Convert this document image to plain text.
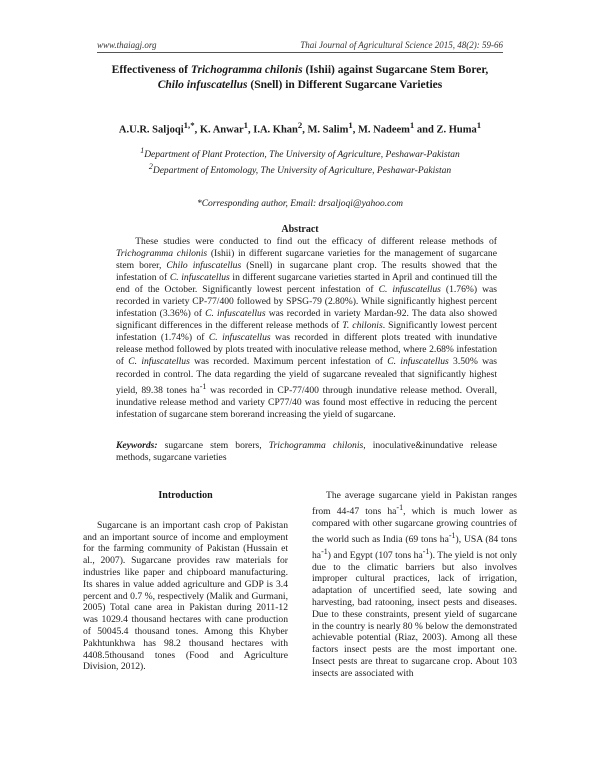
www.thaiagj.org	Thai Journal of Agricultural Science 2015, 48(2): 59-66
Effectiveness of Trichogramma chilonis (Ishii) against Sugarcane Stem Borer,
Chilo infuscatellus (Snell) in Different Sugarcane Varieties
A.U.R. Saljoqi$^{1,*}$, K. Anwar$^1$, I.A. Khan$^2$, M. Salim$^1$, M. Nadeem$^1$ and Z. Huma$^1$
$^1$Department of Plant Protection, The University of Agriculture, Peshawar-Pakistan
$^2$Department of Entomology, The University of Agriculture, Peshawar-Pakistan
*Corresponding author, Email: drsaljoqi@yahoo.com
Abstract
  These studies were conducted to find out the efficacy of different release methods of Trichogramma chilonis (Ishii) in different sugarcane varieties for the management of sugarcane stem borer, Chilo infuscatellus (Snell) in sugarcane plant crop. The results showed that the infestation of C. infuscatellus in different sugarcane varieties started in April and continued till the end of the October. Significantly lowest percent infestation of C. infuscatellus (1.76%) was recorded in variety CP-77/400 followed by SPSG-79 (2.80%). While significantly highest percent infestation (3.36%) of C. infuscatellus was recorded in variety Mardan-92. The data also showed significant differences in the different release methods of T. chilonis. Significantly lowest percent infestation (1.74%) of C. infuscatellus was recorded in different plots treated with inundative release method followed by plots treated with inoculative release method, where 2.68% infestation of C. infuscatellus was recorded. Maximum percent infestation of C. infuscatellus 3.50% was recorded in control. The data regarding the yield of sugarcane revealed that significantly highest yield, 89.38 tones $ha^{-1}$ was recorded in CP-77/400 through inundative release method. Overall, inundative release method and variety CP77/40 was found most effective in reducing the percent infestation of sugarcane stem borerand increasing the yield of sugarcane.
Keywords: sugarcane stem borers, Trichogramma chilonis, inoculative&inundative release methods, sugarcane varieties
Introduction
Sugarcane is an important cash crop of Pakistan and an important source of income and employment for the farming community of Pakistan (Hussain et al., 2007). Sugarcane provides raw materials for industries like paper and chipboard manufacturing. Its shares in value added agriculture and GDP is 3.4 percent and 0.7 %, respectively (Malik and Gurmani, 2005) Total cane area in Pakistan during 2011-12 was 1029.4 thousand hectares with cane production of 50045.4 thousand tones. Among this Khyber Pakhtunkhwa has 98.2 thousand hectares with 4408.5thousand tones (Food and Agriculture Division, 2012).
The average sugarcane yield in Pakistan ranges from 44-47 tons $ha^{-1}$, which is much lower as compared with other sugarcane growing countries of the world such as India (69 tons $ha^{-1}$), USA (84 tons $ha^{-1}$) and Egypt (107 tons $ha^{-1}$). The yield is not only due to the climatic barriers but also involves improper cultural practices, lack of irrigation, adaptation of uncertified seed, late sowing and harvesting, bad ratooning, insect pests and diseases. Due to these constraints, present yield of sugarcane in the country is nearly 80 % below the demonstrated achievable potential (Riaz, 2003). Among all these factors insect pests are the most important one. Insect pests are threat to sugarcane crop. About 103 insects are associated with
